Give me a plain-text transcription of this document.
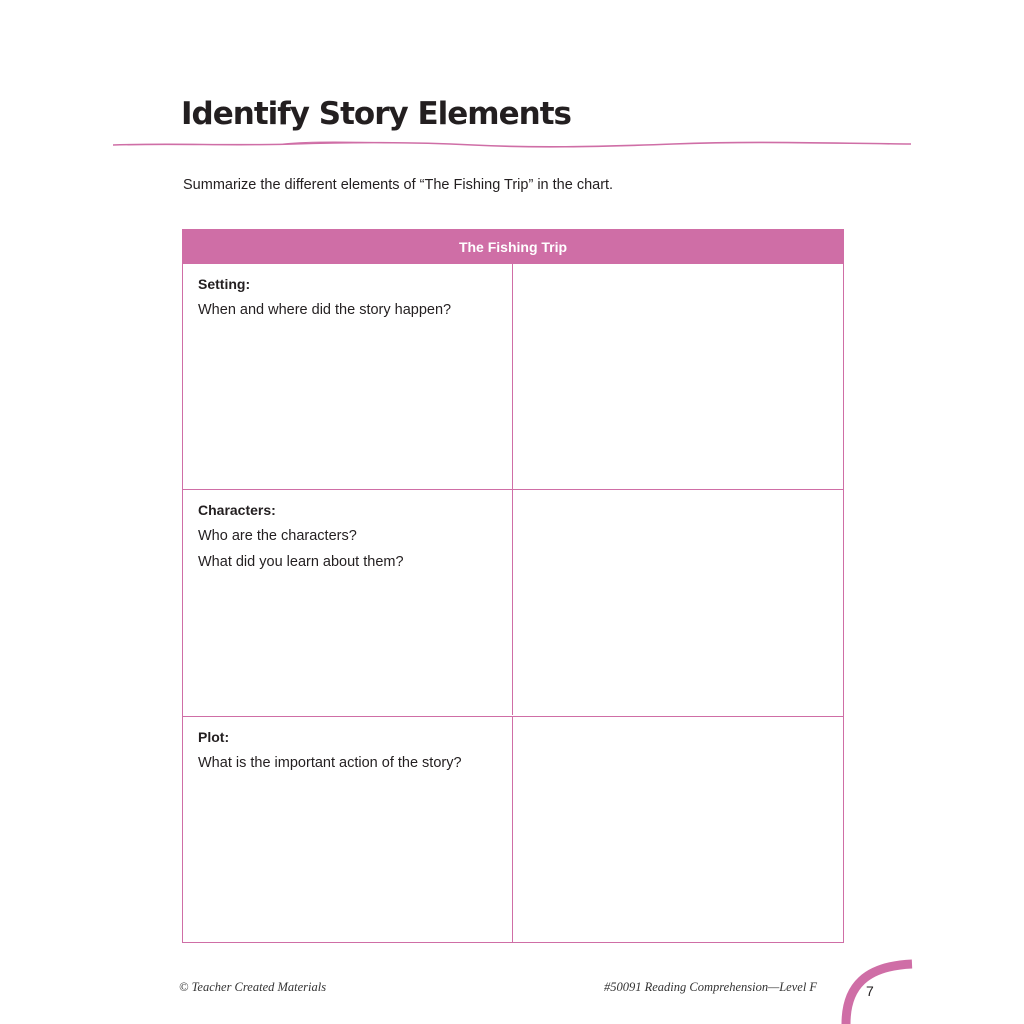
Identify Story Elements
Summarize the different elements of “The Fishing Trip” in the chart.
The Fishing Trip
Setting:
When and where did the story happen?
Characters:
Who are the characters?
What did you learn about them?
Plot:
What is the important action of the story?
© Teacher Created Materials	#50091 Reading Comprehension—Level F	7
